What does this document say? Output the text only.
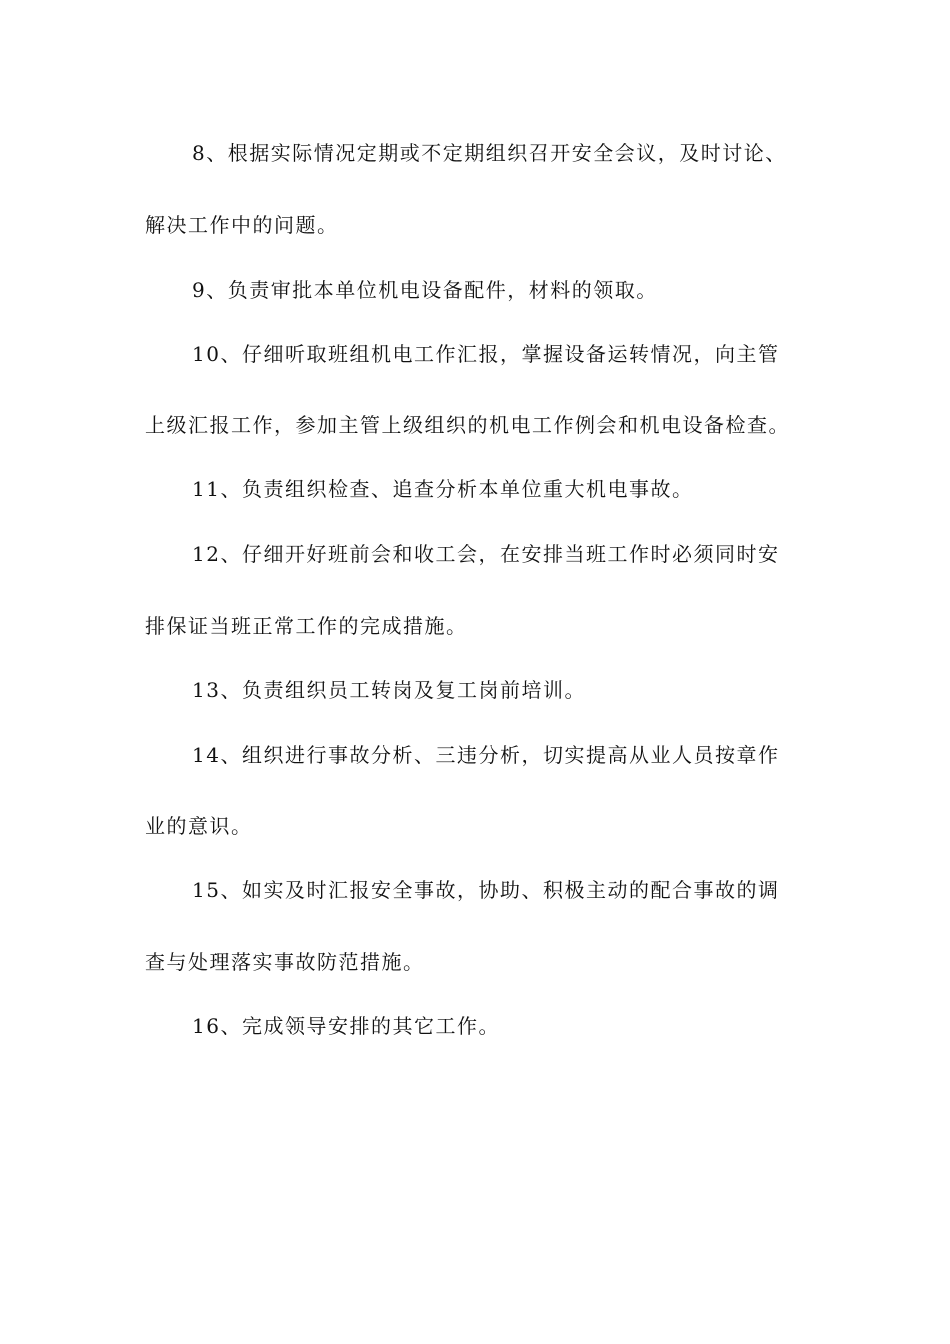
8、根据实际情况定期或不定期组织召开安全会议，及时讨论、

解决工作中的问题。

9、负责审批本单位机电设备配件，材料的领取。

10、仔细听取班组机电工作汇报，掌握设备运转情况，向主管

上级汇报工作，参加主管上级组织的机电工作例会和机电设备检查。

11、负责组织检查、追查分析本单位重大机电事故。

12、仔细开好班前会和收工会，在安排当班工作时必须同时安

排保证当班正常工作的完成措施。

13、负责组织员工转岗及复工岗前培训。

14、组织进行事故分析、三违分析，切实提高从业人员按章作

业的意识。

15、如实及时汇报安全事故，协助、积极主动的配合事故的调

查与处理落实事故防范措施。

16、完成领导安排的其它工作。
